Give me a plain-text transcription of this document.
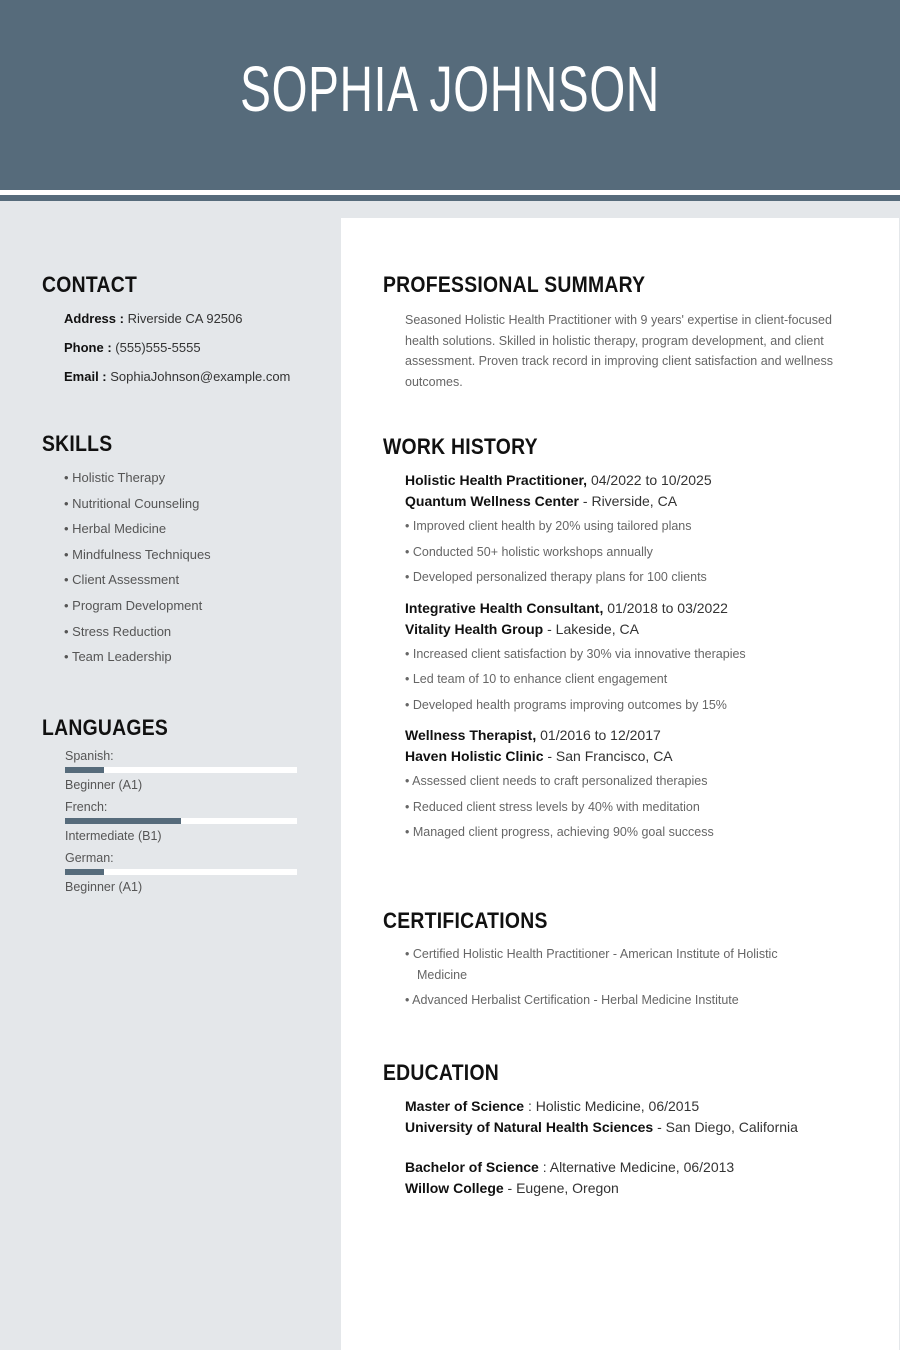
SOPHIA JOHNSON
CONTACT
Address : Riverside CA 92506
Phone : (555)555-5555
Email : SophiaJohnson@example.com
SKILLS
• Holistic Therapy
• Nutritional Counseling
• Herbal Medicine
• Mindfulness Techniques
• Client Assessment
• Program Development
• Stress Reduction
• Team Leadership
LANGUAGES
Spanish:
Beginner (A1)
French:
Intermediate (B1)
German:
Beginner (A1)
PROFESSIONAL SUMMARY
Seasoned Holistic Health Practitioner with 9 years' expertise in client-focused health solutions. Skilled in holistic therapy, program development, and client assessment. Proven track record in improving client satisfaction and wellness outcomes.
WORK HISTORY
Holistic Health Practitioner, 04/2022 to 10/2025
Quantum Wellness Center - Riverside, CA
• Improved client health by 20% using tailored plans
• Conducted 50+ holistic workshops annually
• Developed personalized therapy plans for 100 clients
Integrative Health Consultant, 01/2018 to 03/2022
Vitality Health Group - Lakeside, CA
• Increased client satisfaction by 30% via innovative therapies
• Led team of 10 to enhance client engagement
• Developed health programs improving outcomes by 15%
Wellness Therapist, 01/2016 to 12/2017
Haven Holistic Clinic - San Francisco, CA
• Assessed client needs to craft personalized therapies
• Reduced client stress levels by 40% with meditation
• Managed client progress, achieving 90% goal success
CERTIFICATIONS
• Certified Holistic Health Practitioner - American Institute of Holistic Medicine
• Advanced Herbalist Certification - Herbal Medicine Institute
EDUCATION
Master of Science : Holistic Medicine, 06/2015
University of Natural Health Sciences - San Diego, California
Bachelor of Science : Alternative Medicine, 06/2013
Willow College - Eugene, Oregon
